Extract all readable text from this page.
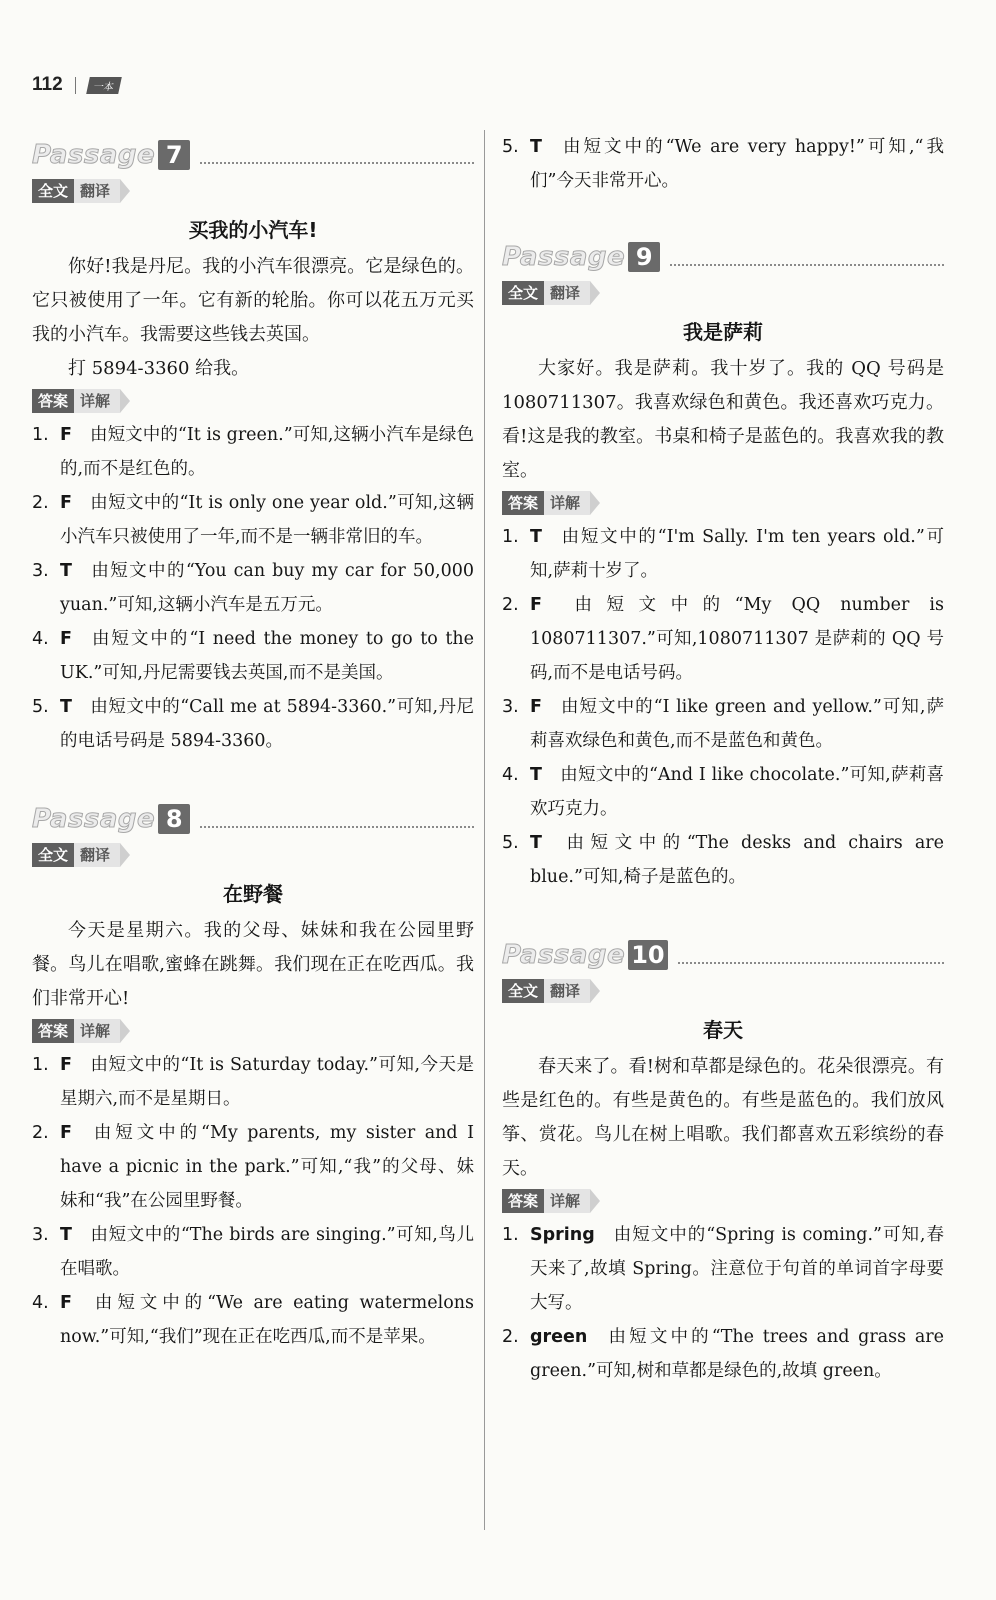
112	一本
Passage 7
全文 翻译
买我的小汽车!

你好!我是丹尼。我的小汽车很漂亮。它是绿色的。它只被使用了一年。它有新的轮胎。你可以花五万元买我的小汽车。我需要这些钱去英国。

打 5894-3360 给我。

答案 详解
1. F 由短文中的“It is green.”可知,这辆小汽车是绿色的,而不是红色的。
2. F 由短文中的“It is only one year old.”可知,这辆小汽车只被使用了一年,而不是一辆非常旧的车。
3. T 由短文中的“You can buy my car for 50,000 yuan.”可知,这辆小汽车是五万元。
4. F 由短文中的“I need the money to go to the UK.”可知,丹尼需要钱去英国,而不是美国。
5. T 由短文中的“Call me at 5894-3360.”可知,丹尼的电话号码是 5894-3360。
Passage 8
全文 翻译
在野餐

今天是星期六。我的父母、妹妹和我在公园里野餐。鸟儿在唱歌,蜜蜂在跳舞。我们现在正在吃西瓜。我们非常开心!

答案 详解
1. F 由短文中的“It is Saturday today.”可知,今天是星期六,而不是星期日。
2. F 由短文中的“My parents, my sister and I have a picnic in the park.”可知,“我”的父母、妹妹和“我”在公园里野餐。
3. T 由短文中的“The birds are singing.”可知,鸟儿在唱歌。
4. F 由短文中的“We are eating watermelons now.”可知,“我们”现在正在吃西瓜,而不是苹果。
5. T 由短文中的“We are very happy!”可知,“我们”今天非常开心。
Passage 9
全文 翻译
我是萨莉

大家好。我是萨莉。我十岁了。我的 QQ 号码是 1080711307。我喜欢绿色和黄色。我还喜欢巧克力。看!这是我的教室。书桌和椅子是蓝色的。我喜欢我的教室。

答案 详解
1. T 由短文中的“I'm Sally. I'm ten years old.”可知,萨莉十岁了。
2. F 由短文中的“My QQ number is 1080711307.”可知,1080711307 是萨莉的 QQ 号码,而不是电话号码。
3. F 由短文中的“I like green and yellow.”可知,萨莉喜欢绿色和黄色,而不是蓝色和黄色。
4. T 由短文中的“And I like chocolate.”可知,萨莉喜欢巧克力。
5. T 由短文中的“The desks and chairs are blue.”可知,椅子是蓝色的。
Passage 10
全文 翻译
春天

春天来了。看!树和草都是绿色的。花朵很漂亮。有些是红色的。有些是黄色的。有些是蓝色的。我们放风筝、赏花。鸟儿在树上唱歌。我们都喜欢五彩缤纷的春天。

答案 详解
1. Spring 由短文中的“Spring is coming.”可知,春天来了,故填 Spring。注意位于句首的单词首字母要大写。
2. green 由短文中的“The trees and grass are green.”可知,树和草都是绿色的,故填 green。
